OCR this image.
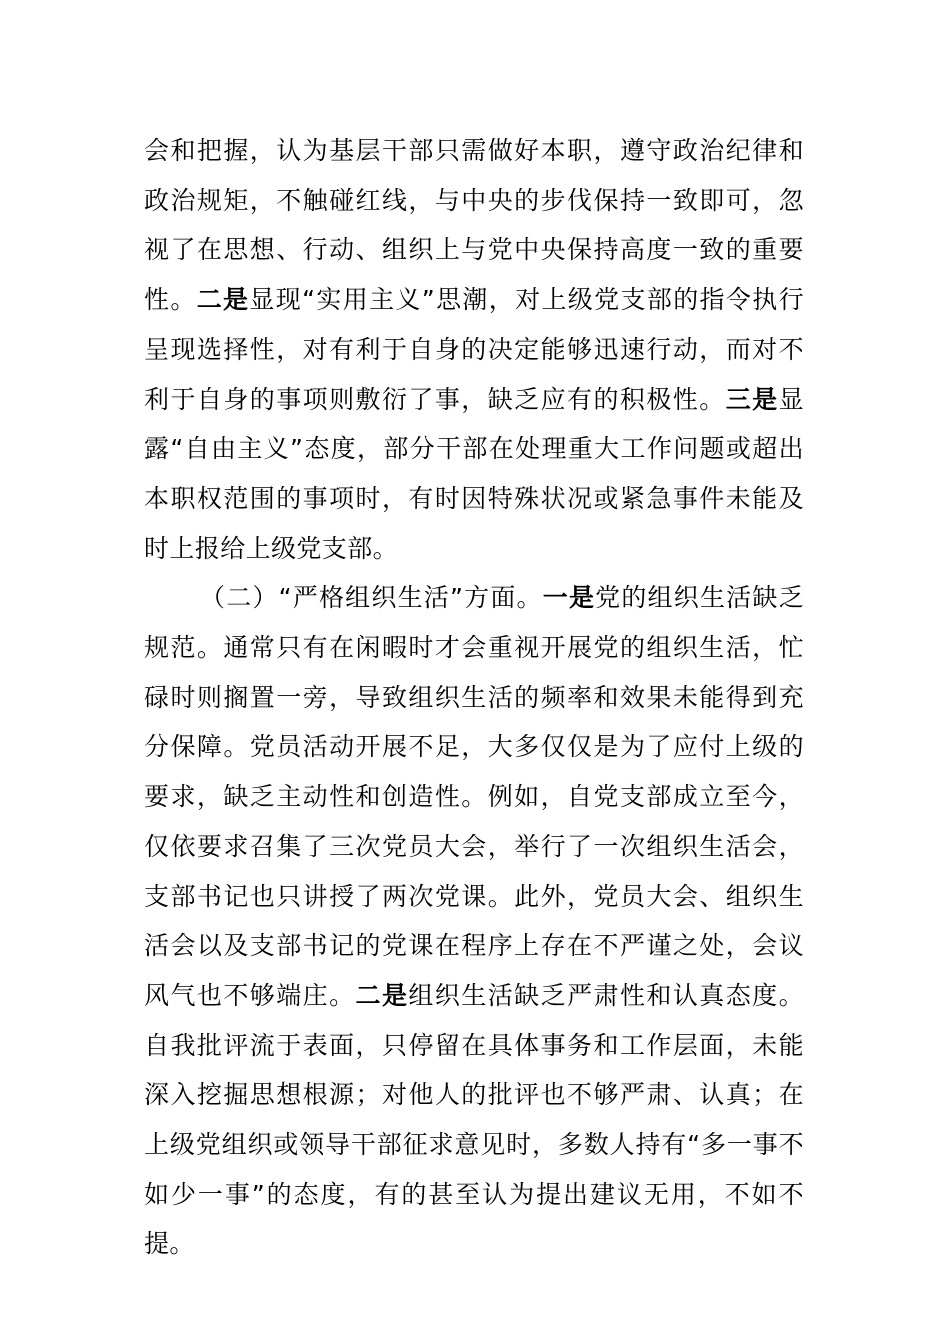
会和把握，认为基层干部只需做好本职，遵守政治纪律和政治规矩，不触碰红线，与中央的步伐保持一致即可，忽视了在思想、行动、组织上与党中央保持高度一致的重要性。二是显现“实用主义”思潮，对上级党支部的指令执行呈现选择性，对有利于自身的决定能够迅速行动，而对不利于自身的事项则敷衍了事，缺乏应有的积极性。三是显露“自由主义”态度，部分干部在处理重大工作问题或超出本职权范围的事项时，有时因特殊状况或紧急事件未能及时上报给上级党支部。

（二）“严格组织生活”方面。一是党的组织生活缺乏规范。通常只有在闲暇时才会重视开展党的组织生活，忙碌时则搁置一旁，导致组织生活的频率和效果未能得到充分保障。党员活动开展不足，大多仅仅是为了应付上级的要求，缺乏主动性和创造性。例如，自党支部成立至今，仅依要求召集了三次党员大会，举行了一次组织生活会，支部书记也只讲授了两次党课。此外，党员大会、组织生活会以及支部书记的党课在程序上存在不严谨之处，会议风气也不够端庄。二是组织生活缺乏严肃性和认真态度。自我批评流于表面，只停留在具体事务和工作层面，未能深入挖掘思想根源；对他人的批评也不够严肃、认真；在上级党组织或领导干部征求意见时，多数人持有“多一事不如少一事”的态度，有的甚至认为提出建议无用，不如不提。
